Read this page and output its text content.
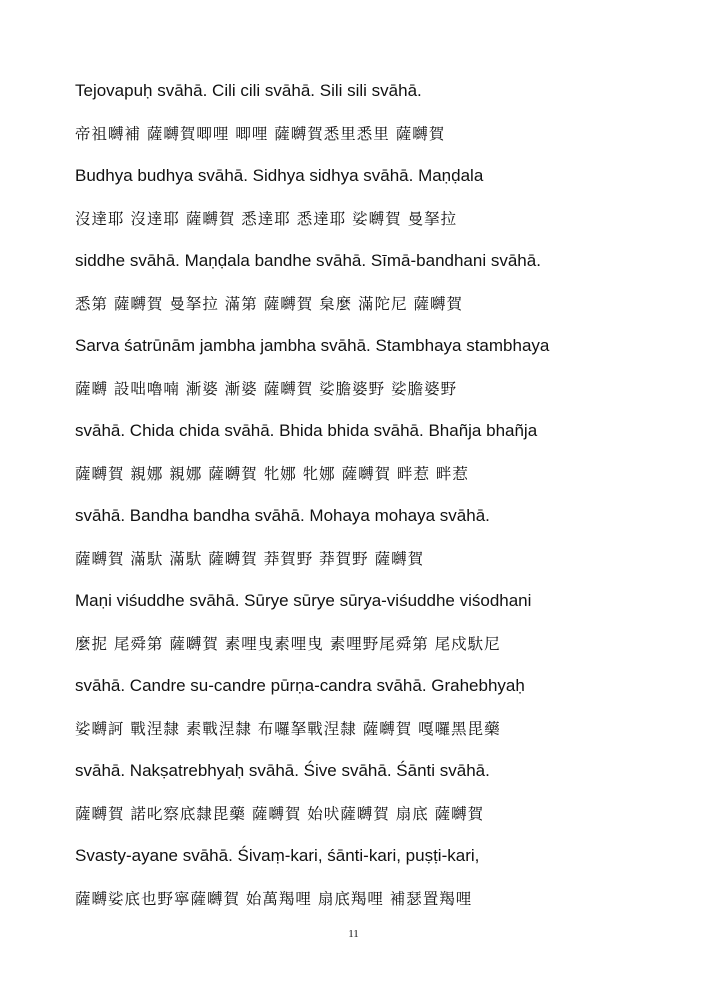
Tejovapuḥ svāhā. Cili cili svāhā. Sili sili svāhā.
帝祖嚩補 薩嚩賀唧哩 唧哩 薩嚩賀悉里悉里 薩嚩賀
Budhya budhya svāhā. Sidhya sidhya svāhā. Maṇḍala
沒達耶 沒達耶 薩嚩賀 悉達耶 悉達耶 娑嚩賀 曼拏拉
siddhe svāhā. Maṇḍala bandhe svāhā. Sīmā-bandhani svāhā.
悉第 薩嚩賀 曼拏拉 滿第 薩嚩賀 枲麼 滿陀尼 薩嚩賀
Sarva śatrūnām jambha jambha svāhā. Stambhaya stambhaya
薩嚩 設咄嚕喃 漸婆 漸婆 薩嚩賀 娑膽婆野 娑膽婆野
svāhā. Chida chida svāhā. Bhida bhida svāhā. Bhañja bhañja
薩嚩賀 親娜 親娜 薩嚩賀 牝娜 牝娜 薩嚩賀 畔惹 畔惹
svāhā. Bandha bandha svāhā. Mohaya mohaya svāhā.
薩嚩賀 滿馱 滿馱 薩嚩賀 莽賀野 莽賀野 薩嚩賀
Maṇi viśuddhe svāhā. Sūrye sūrye sūrya-viśuddhe viśodhani
麼抳 尾舜第 薩嚩賀 素哩曳素哩曳 素哩野尾舜第 尾戍馱尼
svāhā. Candre su-candre pūrṇa-candra svāhā. Grahebhyaḥ
娑嚩訶 戰涅隸 素戰涅隸 布囉拏戰涅隸 薩嚩賀 嘎囉黑毘藥
svāhā. Nakṣatrebhyaḥ svāhā. Śive svāhā. Śānti svāhā.
薩嚩賀 諾叱察底隸毘藥 薩嚩賀 始吠薩嚩賀 扇底 薩嚩賀
Svasty-ayane svāhā. Śivaṃ-kari, śānti-kari, puṣṭi-kari,
薩嚩娑底也野寧薩嚩賀 始萬羯哩 扇底羯哩 補瑟置羯哩
11
